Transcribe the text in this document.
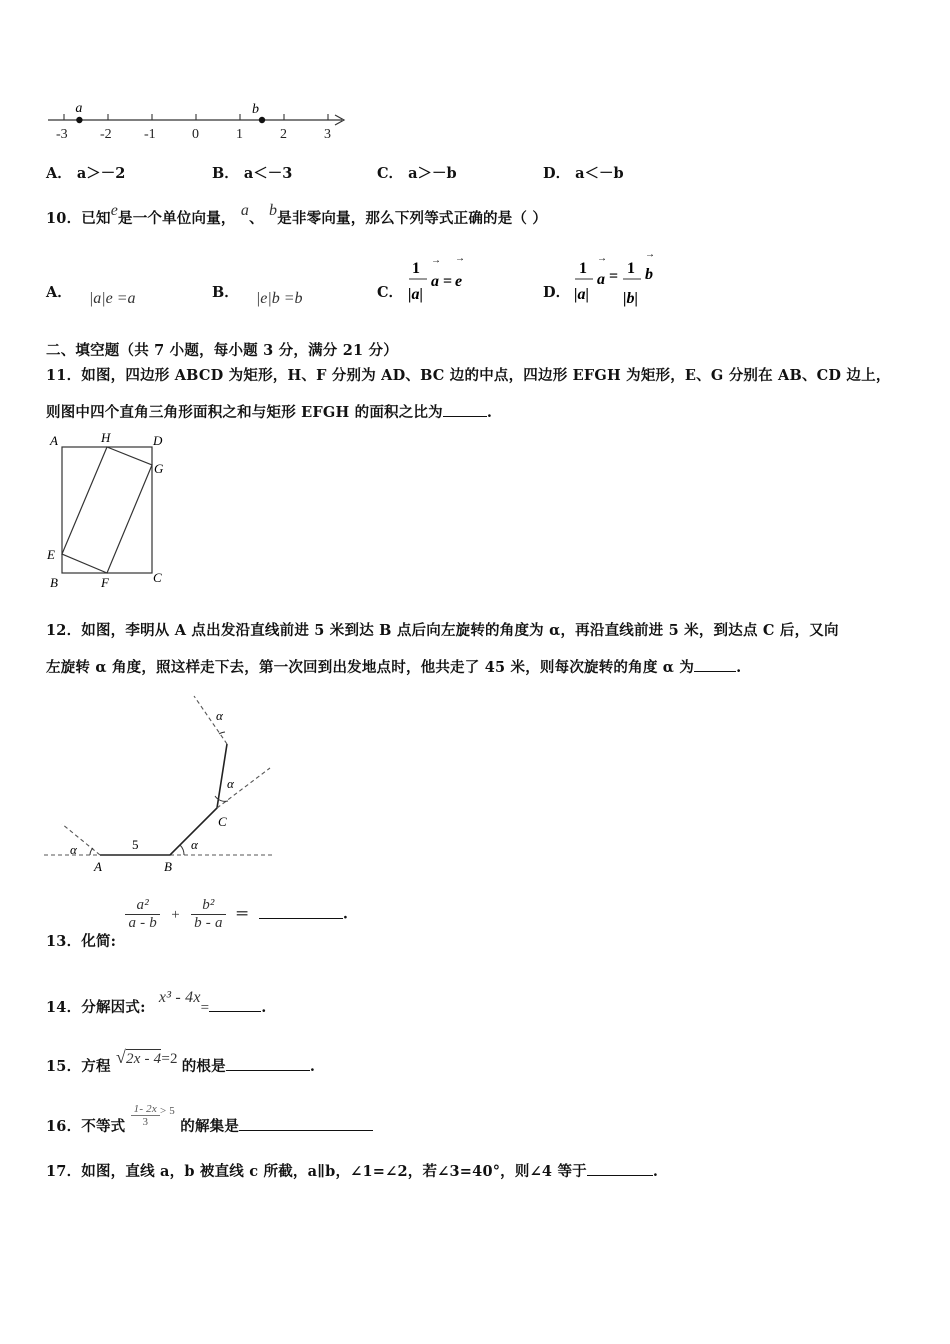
-3 -2 -1	0	1	2	3
a	b
A． a＞－2	B． a＜－3	C． a＞－b	D． a＜－b
10．已知e是一个单位向量， a、 b是非零向量，那么下列等式正确的是（ ）
A． |a|e =a	B． |e|b =b	C．
1
|a|
→
a =
→
e
D．
1
|a|
→
a = 1
|b|
→
b
二、填空题（共 7 小题，每小题 3 分，满分 21 分）
11．如图，四边形 ABCD 为矩形，H、F 分别为 AD、BC 边的中点，四边形 EFGH 为矩形，E、G 分别在 AB、CD 边上，
则图中四个直角三角形面积之和与矩形 EFGH 的面积之比为	.
A	H	D
G
E
B	F	C
12．如图，李明从 A 点出发沿直线前进 5 米到达 B 点后向左旋转的角度为 α，再沿直线前进 5 米，到达点 C 后，又向
左旋转 α 角度，照这样走下去，第一次回到出发地点时，他共走了 45 米，则每次旋转的角度 α 为	.
A	B
C
5
α	α
α
α
13．化简:
$\frac{\text{a²}}{a - b} + \frac{\text{b²}}{b - a}$ ＝	.
14．分解因式: x³ - 4x=	.
15．方程 √2x - 4=2 的根是	.
16．不等式 $\frac{1- 2x}{3} ^{> 5}$ 的解集是
17．如图，直线 a，b 被直线 c 所截，a∥b，∠1=∠2，若∠3=40°，则∠4 等于	.
